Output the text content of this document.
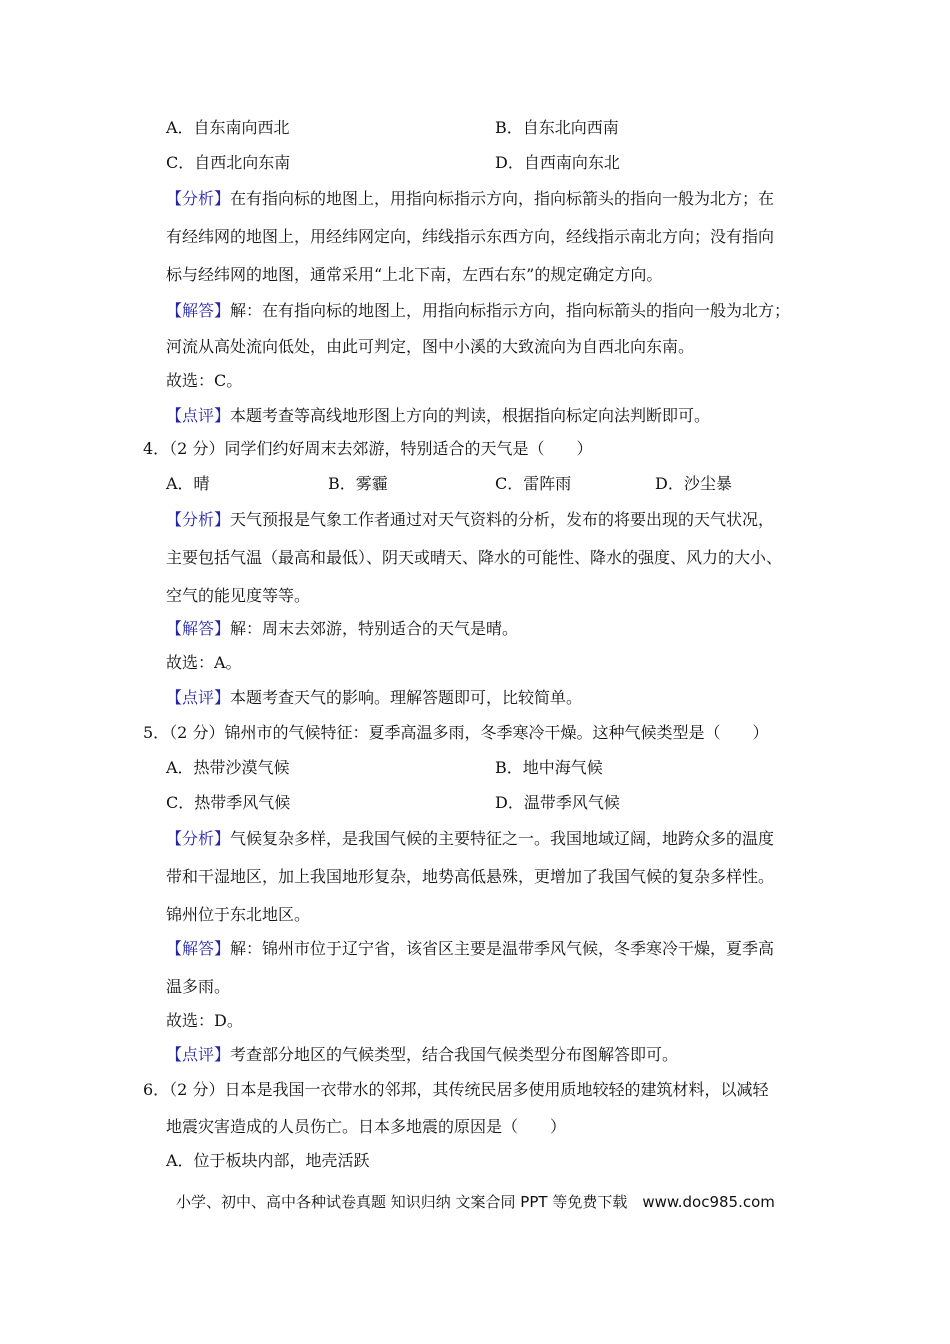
A．自东南向西北	B．自东北向西南
C．自西北向东南	D．自西南向东北
【分析】在有指向标的地图上，用指向标指示方向，指向标箭头的指向一般为北方；在
有经纬网的地图上，用经纬网定向，纬线指示东西方向，经线指示南北方向；没有指向
标与经纬网的地图，通常采用“上北下南，左西右东”的规定确定方向。
【解答】解：在有指向标的地图上，用指向标指示方向，指向标箭头的指向一般为北方；
河流从高处流向低处，由此可判定，图中小溪的大致流向为自西北向东南。
故选：C。
【点评】本题考查等高线地形图上方向的判读，根据指向标定向法判断即可。
4．（2 分）同学们约好周末去郊游，特别适合的天气是（　　）
A．晴	B．雾霾	C．雷阵雨	D．沙尘暴
【分析】天气预报是气象工作者通过对天气资料的分析，发布的将要出现的天气状况，
主要包括气温（最高和最低）、阴天或晴天、降水的可能性、降水的强度、风力的大小、
空气的能见度等等。
【解答】解：周末去郊游，特别适合的天气是晴。
故选：A。
【点评】本题考查天气的影响。理解答题即可，比较简单。
5．（2 分）锦州市的气候特征：夏季高温多雨，冬季寒冷干燥。这种气候类型是（　　）
A．热带沙漠气候	B．地中海气候
C．热带季风气候	D．温带季风气候
【分析】气候复杂多样，是我国气候的主要特征之一。我国地域辽阔，地跨众多的温度
带和干湿地区，加上我国地形复杂，地势高低悬殊，更增加了我国气候的复杂多样性。
锦州位于东北地区。
【解答】解：锦州市位于辽宁省，该省区主要是温带季风气候，冬季寒冷干燥，夏季高
温多雨。
故选：D。
【点评】考查部分地区的气候类型，结合我国气候类型分布图解答即可。
6．（2 分）日本是我国一衣带水的邻邦，其传统民居多使用质地较轻的建筑材料，以减轻
地震灾害造成的人员伤亡。日本多地震的原因是（　　）
A．位于板块内部，地壳活跃
小学、初中、高中各种试卷真题 知识归纳 文案合同 PPT 等免费下载　www.doc985.com
